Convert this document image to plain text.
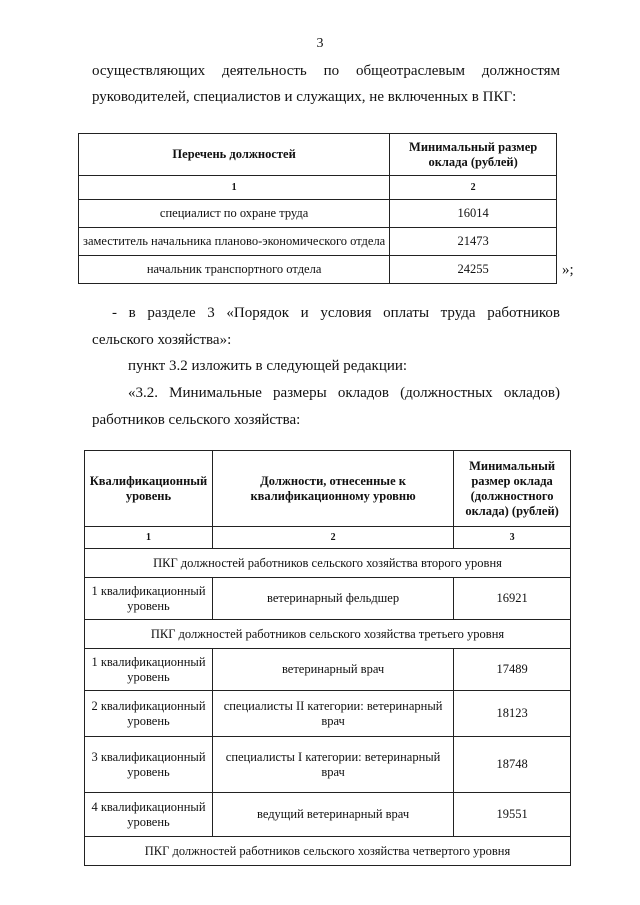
3
осуществляющих деятельность по общеотраслевым должностям
руководителей, специалистов и служащих, не включенных в ПКГ:
Перечень должностей	Минимальный размер оклада (рублей)
1	2
специалист по охране труда	16014
заместитель начальника планово-экономического отдела	21473
начальник транспортного отдела	24255	»;
- в разделе 3 «Порядок и условия оплаты труда работников
сельского хозяйства»:
пункт 3.2 изложить в следующей редакции:
«3.2. Минимальные размеры окладов (должностных окладов)
работников сельского хозяйства:
Квалификационный уровень	Должности, отнесенные к квалификационному уровню	Минимальный размер оклада (должностного оклада) (рублей)
1	2	3
ПКГ должностей работников сельского хозяйства второго уровня		
1 квалификационный уровень	ветеринарный фельдшер	16921
ПКГ должностей работников сельского хозяйства третьего уровня		
1 квалификационный уровень	ветеринарный врач	17489
2 квалификационный уровень	специалисты II категории: ветеринарный врач	18123
3 квалификационный уровень	специалисты I категории: ветеринарный врач	18748
4 квалификационный уровень	ведущий ветеринарный врач	19551
ПКГ должностей работников сельского хозяйства четвертого уровня		
